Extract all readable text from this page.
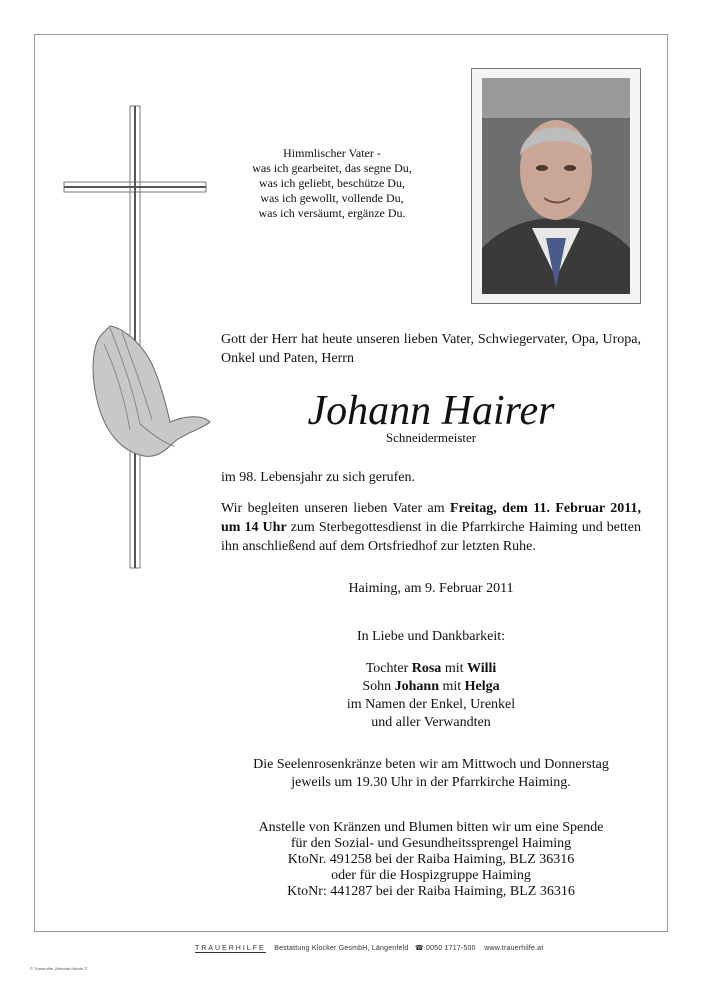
Himmlischer Vater -
was ich gearbeitet, das segne Du,
was ich geliebt, beschütze Du,
was ich gewollt, vollende Du,
was ich versäumt, ergänze Du.
Gott der Herr hat heute unseren lieben Vater, Schwiegervater, Opa, Uropa, Onkel und Paten, Herrn
Johann Hairer
Schneidermeister
im 98. Lebensjahr zu sich gerufen.
Wir begleiten unseren lieben Vater am Freitag, dem 11. Februar 2011, um 14 Uhr zum Sterbegottesdienst in die Pfarrkirche Haiming und betten ihn anschließend auf dem Ortsfriedhof zur letzten Ruhe.
Haiming, am 9. Februar 2011
In Liebe und Dankbarkeit:
Tochter Rosa mit Willi
Sohn Johann mit Helga
im Namen der Enkel, Urenkel
und aller Verwandten
Die Seelenrosenkränze beten wir am Mittwoch und Donnerstag
jeweils um 19.30 Uhr in der Pfarrkirche Haiming.
Anstelle von Kränzen und Blumen bitten wir um eine Spende
für den Sozial- und Gesundheitssprengel Haiming
KtoNr. 491258 bei der Raiba Haiming, BLZ 36316
oder für die Hospizgruppe Haiming
KtoNr: 441287 bei der Raiba Haiming, BLZ 36316
TRAUERHILFE Bestattung Klocker GesmbH, Längenfeld ☎ 0050 1717-500 www.trauerhilfe.at
© Trauerhilfe „Betende Hände 2"
